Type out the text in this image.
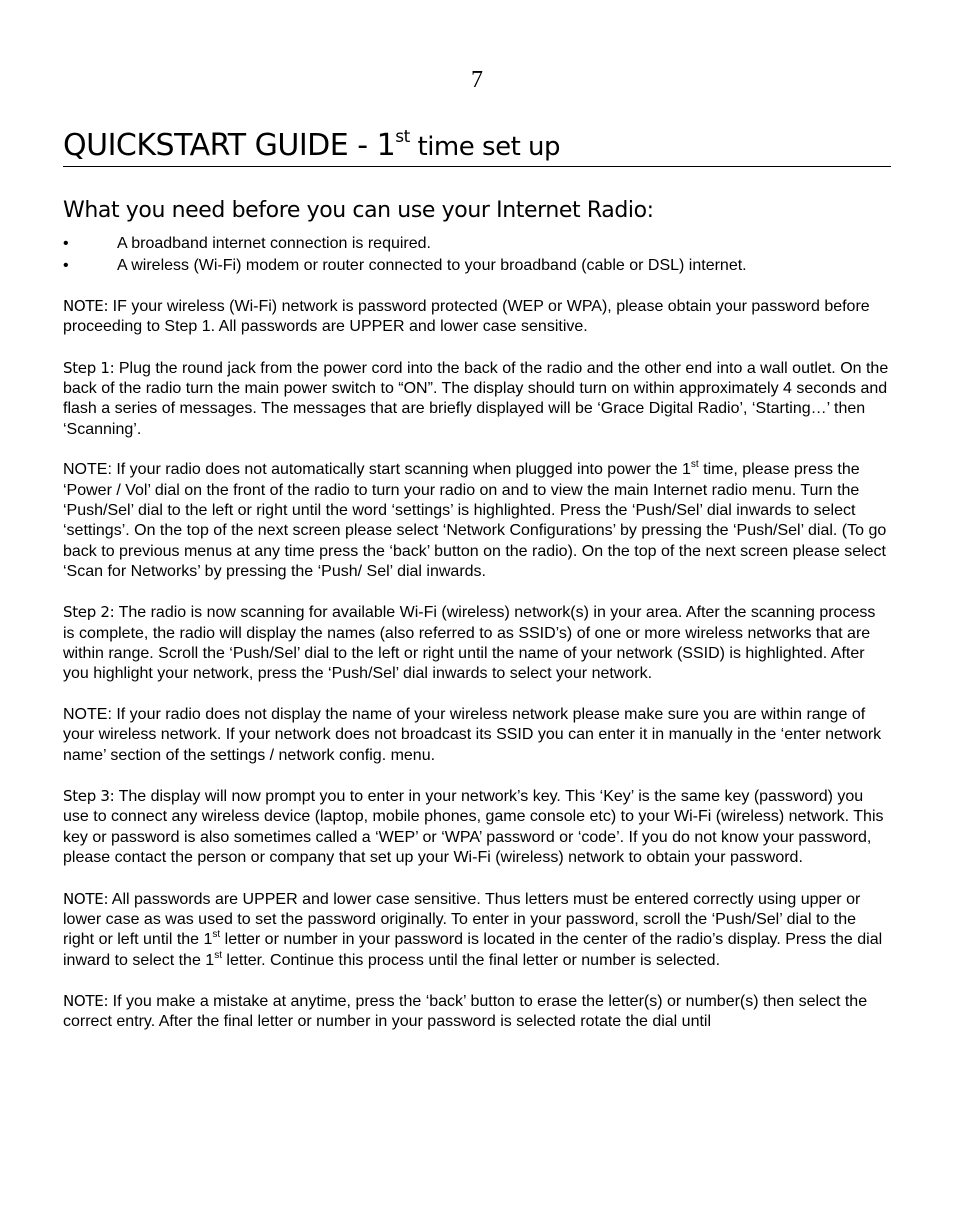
7
QUICKSTART GUIDE - 1st time set up
What you need before you can use your Internet Radio:
•	A broadband internet connection is required.
•	A wireless (Wi-Fi) modem or router connected to your broadband (cable or DSL) internet.

NOTE: IF your wireless (Wi-Fi) network is password protected (WEP or WPA), please obtain your password before proceeding to Step 1. All passwords are UPPER and lower case sensitive.

Step 1: Plug the round jack from the power cord into the back of the radio and the other end into a wall outlet. On the back of the radio turn the main power switch to “ON”. The display should turn on within approximately 4 seconds and flash a series of messages. The messages that are briefly displayed will be ‘Grace Digital Radio’, ‘Starting…’ then ‘Scanning’.

NOTE: If your radio does not automatically start scanning when plugged into power the 1st time, please press the ‘Power / Vol’ dial on the front of the radio to turn your radio on and to view the main Internet radio menu. Turn the ‘Push/Sel’ dial to the left or right until the word ‘settings’ is highlighted. Press the ‘Push/Sel’ dial inwards to select ‘settings’. On the top of the next screen please select ‘Network Configurations’ by pressing the ‘Push/Sel’ dial. (To go back to previous menus at any time press the ‘back’ button on the radio). On the top of the next screen please select ‘Scan for Networks’ by pressing the ‘Push/ Sel’ dial inwards.

Step 2: The radio is now scanning for available Wi-Fi (wireless) network(s) in your area. After the scanning process is complete, the radio will display the names (also referred to as SSID’s) of one or more wireless networks that are within range. Scroll the ‘Push/Sel’ dial to the left or right until the name of your network (SSID) is highlighted. After you highlight your network, press the ‘Push/Sel’ dial inwards to select your network.

NOTE: If your radio does not display the name of your wireless network please make sure you are within range of your wireless network. If your network does not broadcast its SSID you can enter it in manually in the ‘enter network name’ section of the settings / network config. menu.

Step 3: The display will now prompt you to enter in your network’s key. This ‘Key’ is the same key (password) you use to connect any wireless device (laptop, mobile phones, game console etc) to your Wi-Fi (wireless) network. This key or password is also sometimes called a ‘WEP’ or ‘WPA’ password or ‘code’. If you do not know your password, please contact the person or company that set up your Wi-Fi (wireless) network to obtain your password.

NOTE: All passwords are UPPER and lower case sensitive. Thus letters must be entered correctly using upper or lower case as was used to set the password originally. To enter in your password, scroll the ‘Push/Sel’ dial to the right or left until the 1st letter or number in your password is located in the center of the radio’s display. Press the dial inward to select the 1st letter. Continue this process until the final letter or number is selected.

NOTE: If you make a mistake at anytime, press the ‘back’ button to erase the letter(s) or number(s) then select the correct entry. After the final letter or number in your password is selected rotate the dial until
